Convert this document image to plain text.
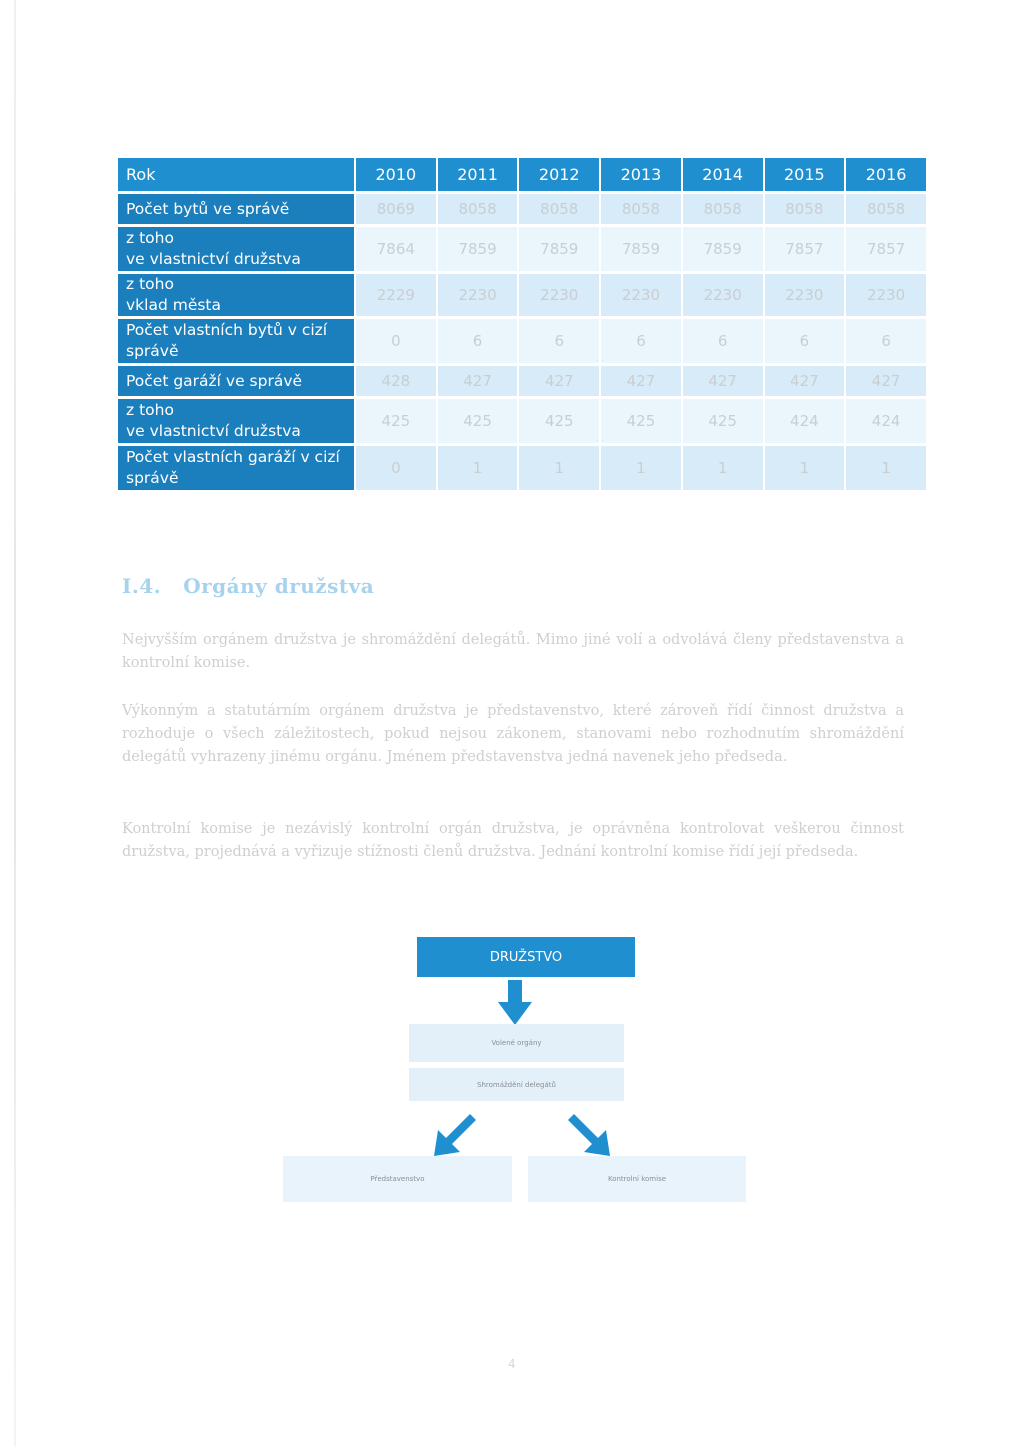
Rok	2010	2011	2012	2013	2014	2015	2016
Počet bytů ve správě	8069	8058	8058	8058	8058	8058	8058
z toho
ve vlastnictví družstva	7864	7859	7859	7859	7859	7857	7857
z toho
vklad města	2229	2230	2230	2230	2230	2230	2230
Počet vlastních bytů v cizí správě	0	6	6	6	6	6	6
Počet garáží ve správě	428	427	427	427	427	427	427
z toho
ve vlastnictví družstva	425	425	425	425	425	424	424
Počet vlastních garáží v cizí správě	0	1	1	1	1	1	1
I.4. Orgány družstva

Nejvyšším orgánem družstva je shromáždění delegátů. Mimo jiné volí a odvolává členy představenstva a kontrolní komise.

Výkonným a statutárním orgánem družstva je představenstvo, které zároveň řídí činnost družstva a rozhoduje o všech záležitostech, pokud nejsou zákonem, stanovami nebo rozhodnutím shromáždění delegátů vyhrazeny jinému orgánu. Jménem představenstva jedná navenek jeho předseda.

Kontrolní komise je nezávislý kontrolní orgán družstva, je oprávněna kontrolovat veškerou činnost družstva, projednává a vyřizuje stížnosti členů družstva. Jednání kontrolní komise řídí její předseda.

DRUŽSTVO
Volené orgány
Shromáždění delegátů
Představenstvo	Kontrolní komise
4
